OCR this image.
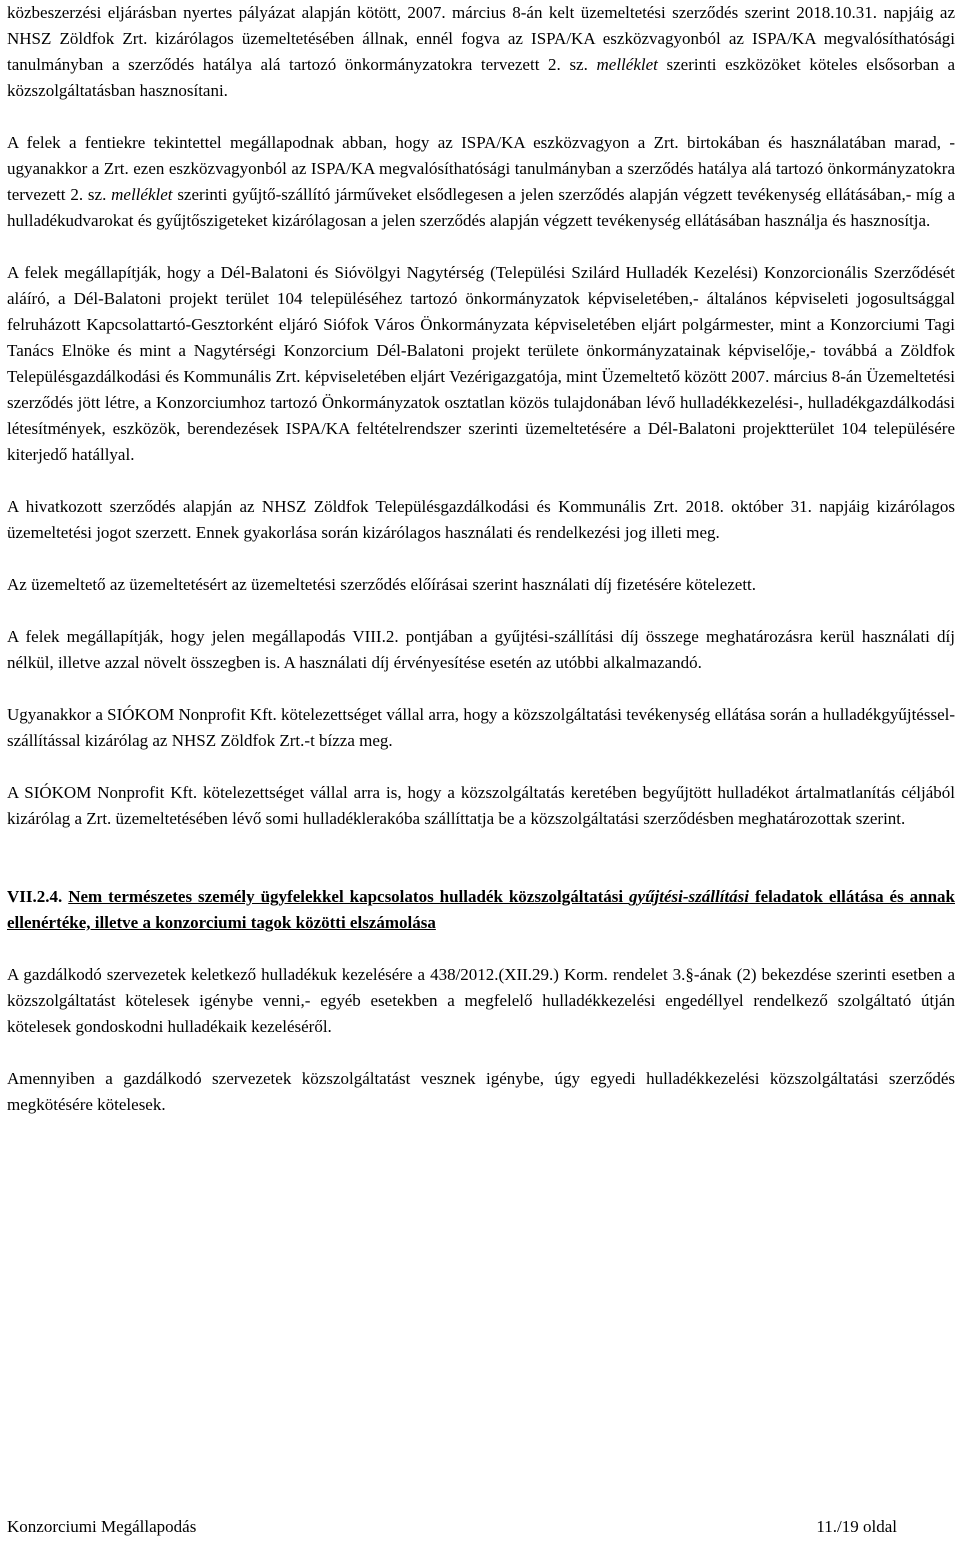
közbeszerzési eljárásban nyertes pályázat alapján kötött, 2007. március 8-án kelt üzemeltetési szerződés szerint 2018.10.31. napjáig az NHSZ Zöldfok Zrt. kizárólagos üzemeltetésében állnak, ennél fogva az ISPA/KA eszközvagyonból az ISPA/KA megvalósíthatósági tanulmányban a szerződés hatálya alá tartozó önkormányzatokra tervezett 2. sz. melléklet szerinti eszközöket köteles elsősorban a közszolgáltatásban hasznosítani.

A felek a fentiekre tekintettel megállapodnak abban, hogy az ISPA/KA eszközvagyon a Zrt. birtokában és használatában marad, - ugyanakkor a Zrt. ezen eszközvagyonból az ISPA/KA megvalósíthatósági tanulmányban a szerződés hatálya alá tartozó önkormányzatokra tervezett 2. sz. melléklet szerinti gyűjtő-szállító járműveket elsődlegesen a jelen szerződés alapján végzett tevékenység ellátásában,- míg a hulladékudvarokat és gyűjtőszigeteket kizárólagosan a jelen szerződés alapján végzett tevékenység ellátásában használja és hasznosítja.

A felek megállapítják, hogy a Dél-Balatoni és Sióvölgyi Nagytérség (Települési Szilárd Hulladék Kezelési) Konzorcionális Szerződését aláíró, a Dél-Balatoni projekt terület 104 településéhez tartozó önkormányzatok képviseletében,- általános képviseleti jogosultsággal felruházott Kapcsolattartó-Gesztorként eljáró Siófok Város Önkormányzata képviseletében eljárt polgármester, mint a Konzorciumi Tagi Tanács Elnöke és mint a Nagytérségi Konzorcium Dél-Balatoni projekt területe önkormányzatainak képviselője,- továbbá a Zöldfok Településgazdálkodási és Kommunális Zrt. képviseletében eljárt Vezérigazgatója, mint Üzemeltető között 2007. március 8-án Üzemeltetési szerződés jött létre, a Konzorciumhoz tartozó Önkormányzatok osztatlan közös tulajdonában lévő hulladékkezelési-, hulladékgazdálkodási létesítmények, eszközök, berendezések ISPA/KA feltételrendszer szerinti üzemeltetésére a Dél-Balatoni projektterület 104 településére kiterjedő hatállyal.

A hivatkozott szerződés alapján az NHSZ Zöldfok Településgazdálkodási és Kommunális Zrt. 2018. október 31. napjáig kizárólagos üzemeltetési jogot szerzett. Ennek gyakorlása során kizárólagos használati és rendelkezési jog illeti meg.

Az üzemeltető az üzemeltetésért az üzemeltetési szerződés előírásai szerint használati díj fizetésére kötelezett.

A felek megállapítják, hogy jelen megállapodás VIII.2. pontjában a gyűjtési-szállítási díj összege meghatározásra kerül használati díj nélkül, illetve azzal növelt összegben is. A használati díj érvényesítése esetén az utóbbi alkalmazandó.

Ugyanakkor a SIÓKOM Nonprofit Kft. kötelezettséget vállal arra, hogy a közszolgáltatási tevékenység ellátása során a hulladékgyűjtéssel-szállítással kizárólag az NHSZ Zöldfok Zrt.-t bízza meg.

A SIÓKOM Nonprofit Kft. kötelezettséget vállal arra is, hogy a közszolgáltatás keretében begyűjtött hulladékot ártalmatlanítás céljából kizárólag a Zrt. üzemeltetésében lévő somi hulladéklerakóba szállíttatja be a közszolgáltatási szerződésben meghatározottak szerint.

VII.2.4. Nem természetes személy ügyfelekkel kapcsolatos hulladék közszolgáltatási gyűjtési-szállítási feladatok ellátása és annak ellenértéke, illetve a konzorciumi tagok közötti elszámolása

A gazdálkodó szervezetek keletkező hulladékuk kezelésére a 438/2012.(XII.29.) Korm. rendelet 3.§-ának (2) bekezdése szerinti esetben a közszolgáltatást kötelesek igénybe venni,- egyéb esetekben a megfelelő hulladékkezelési engedéllyel rendelkező szolgáltató útján kötelesek gondoskodni hulladékaik kezeléséről.

Amennyiben a gazdálkodó szervezetek közszolgáltatást vesznek igénybe, úgy egyedi hulladékkezelési közszolgáltatási szerződés megkötésére kötelesek.

Konzorciumi Megállapodás	11./19 oldal
